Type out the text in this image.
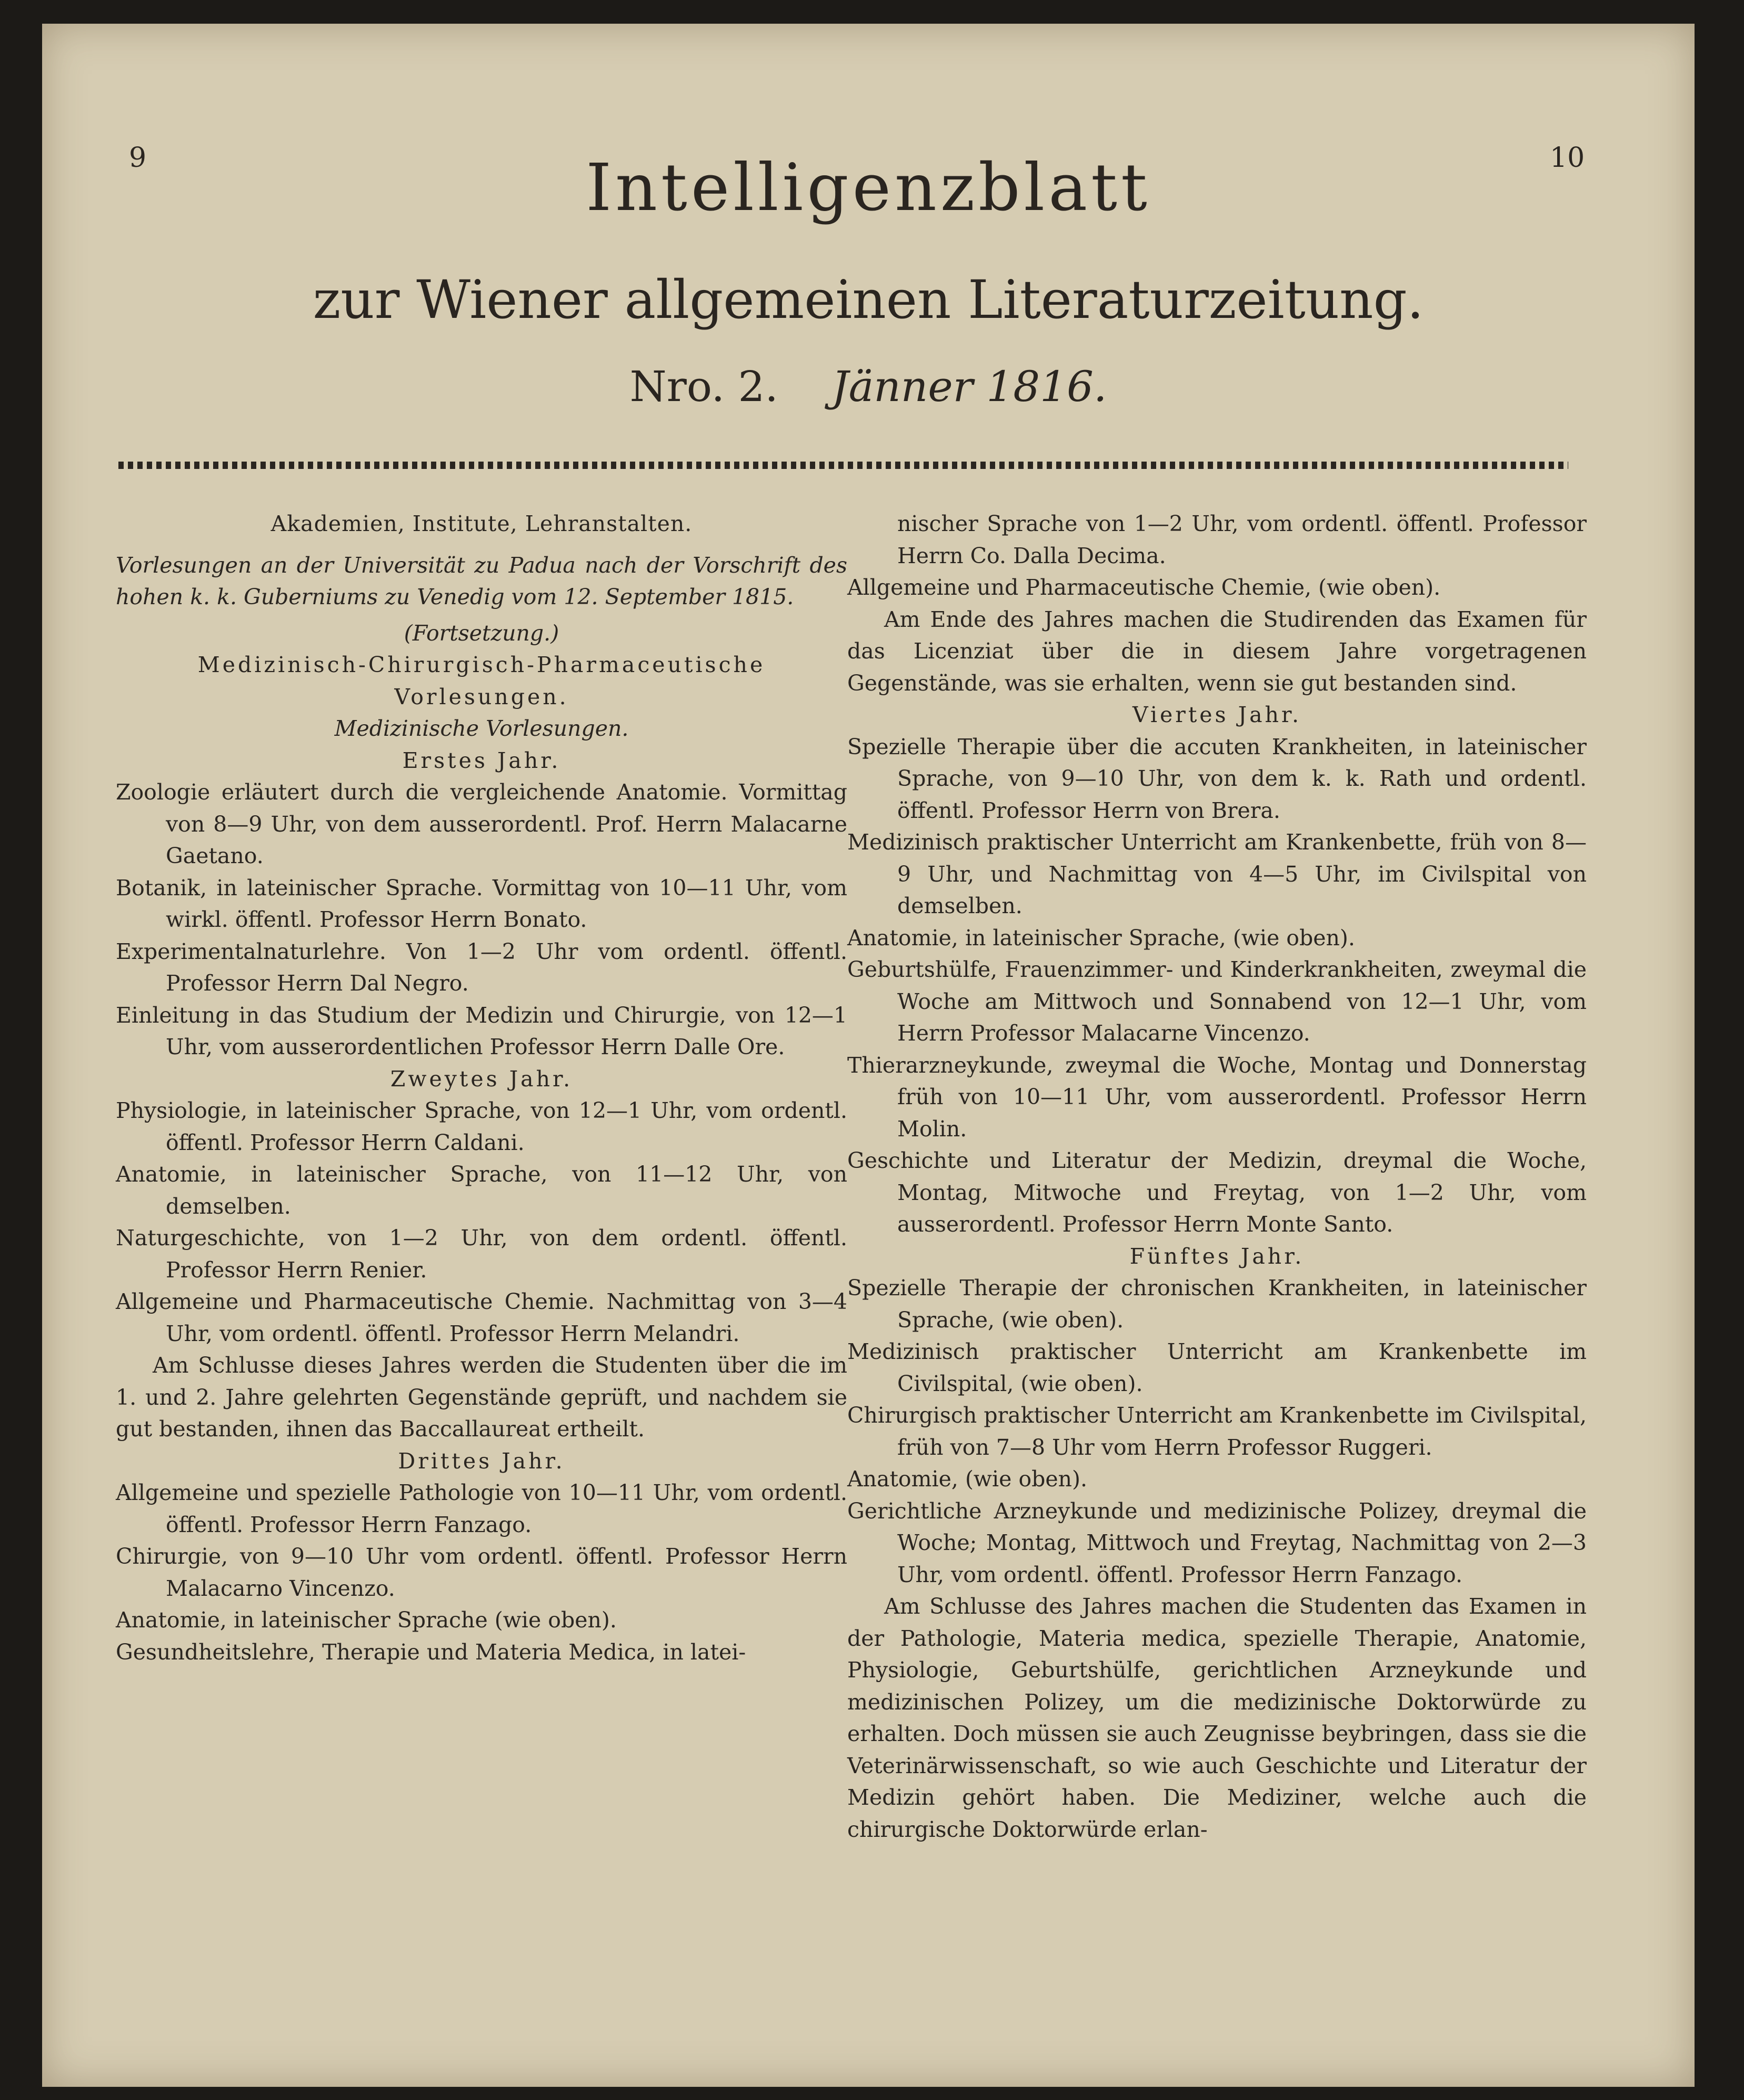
9	10
Intelligenzblatt
zur Wiener allgemeinen Literaturzeitung.
Nro. 2. Jänner 1816.
Akademien, Institute, Lehranstalten.
Vorlesungen an der Universität zu Padua nach der Vorschrift des hohen k. k. Guberniums zu Venedig vom 12. September 1815.
(Fortsetzung.)
Medizinisch-Chirurgisch-Pharmaceutische Vorlesungen.
Medizinische Vorlesungen.
Erstes Jahr.
Zoologie erläutert durch die vergleichende Anatomie. Vormittag von 8—9 Uhr, von dem ausserordentl. Prof. Herrn Malacarne Gaetano.
Botanik, in lateinischer Sprache. Vormittag von 10—11 Uhr, vom wirkl. öffentl. Professor Herrn Bonato.
Experimentalnaturlehre. Von 1—2 Uhr vom ordentl. öffentl. Professor Herrn Dal Negro.
Einleitung in das Studium der Medizin und Chirurgie, von 12—1 Uhr, vom ausserordentlichen Professor Herrn Dalle Ore.
Zweytes Jahr.
Physiologie, in lateinischer Sprache, von 12—1 Uhr, vom ordentl. öffentl. Professor Herrn Caldani.
Anatomie, in lateinischer Sprache, von 11—12 Uhr, von demselben.
Naturgeschichte, von 1—2 Uhr, von dem ordentl. öffentl. Professor Herrn Renier.
Allgemeine und Pharmaceutische Chemie. Nachmittag von 3—4 Uhr, vom ordentl. öffentl. Professor Herrn Melandri.
Am Schlusse dieses Jahres werden die Studenten über die im 1. und 2. Jahre gelehrten Gegenstände geprüft, und nachdem sie gut bestanden, ihnen das Baccallaureat ertheilt.
Drittes Jahr.
Allgemeine und spezielle Pathologie von 10—11 Uhr, vom ordentl. öffentl. Professor Herrn Fanzago.
Chirurgie, von 9—10 Uhr vom ordentl. öffentl. Professor Herrn Malacarno Vincenzo.
Anatomie, in lateinischer Sprache (wie oben).
Gesundheitslehre, Therapie und Materia Medica, in latei-
nischer Sprache von 1—2 Uhr, vom ordentl. öffentl. Professor Herrn Co. Dalla Decima.
Allgemeine und Pharmaceutische Chemie, (wie oben).
Am Ende des Jahres machen die Studirenden das Examen für das Licenziat über die in diesem Jahre vorgetragenen Gegenstände, was sie erhalten, wenn sie gut bestanden sind.
Viertes Jahr.
Spezielle Therapie über die accuten Krankheiten, in lateinischer Sprache, von 9—10 Uhr, von dem k. k. Rath und ordentl. öffentl. Professor Herrn von Brera.
Medizinisch praktischer Unterricht am Krankenbette, früh von 8—9 Uhr, und Nachmittag von 4—5 Uhr, im Civilspital von demselben.
Anatomie, in lateinischer Sprache, (wie oben).
Geburtshülfe, Frauenzimmer- und Kinderkrankheiten, zweymal die Woche am Mittwoch und Sonnabend von 12—1 Uhr, vom Herrn Professor Malacarne Vincenzo.
Thierarzneykunde, zweymal die Woche, Montag und Donnerstag früh von 10—11 Uhr, vom ausserordentl. Professor Herrn Molin.
Geschichte und Literatur der Medizin, dreymal die Woche, Montag, Mitwoche und Freytag, von 1—2 Uhr, vom ausserordentl. Professor Herrn Monte Santo.
Fünftes Jahr.
Spezielle Therapie der chronischen Krankheiten, in lateinischer Sprache, (wie oben).
Medizinisch praktischer Unterricht am Krankenbette im Civilspital, (wie oben).
Chirurgisch praktischer Unterricht am Krankenbette im Civilspital, früh von 7—8 Uhr vom Herrn Professor Ruggeri.
Anatomie, (wie oben).
Gerichtliche Arzneykunde und medizinische Polizey, dreymal die Woche; Montag, Mittwoch und Freytag, Nachmittag von 2—3 Uhr, vom ordentl. öffentl. Professor Herrn Fanzago.
Am Schlusse des Jahres machen die Studenten das Examen in der Pathologie, Materia medica, spezielle Therapie, Anatomie, Physiologie, Geburtshülfe, gerichtlichen Arzneykunde und medizinischen Polizey, um die medizinische Doktorwürde zu erhalten. Doch müssen sie auch Zeugnisse beybringen, dass sie die Veterinärwissenschaft, so wie auch Geschichte und Literatur der Medizin gehört haben. Die Mediziner, welche auch die chirurgische Doktorwürde erlan-
